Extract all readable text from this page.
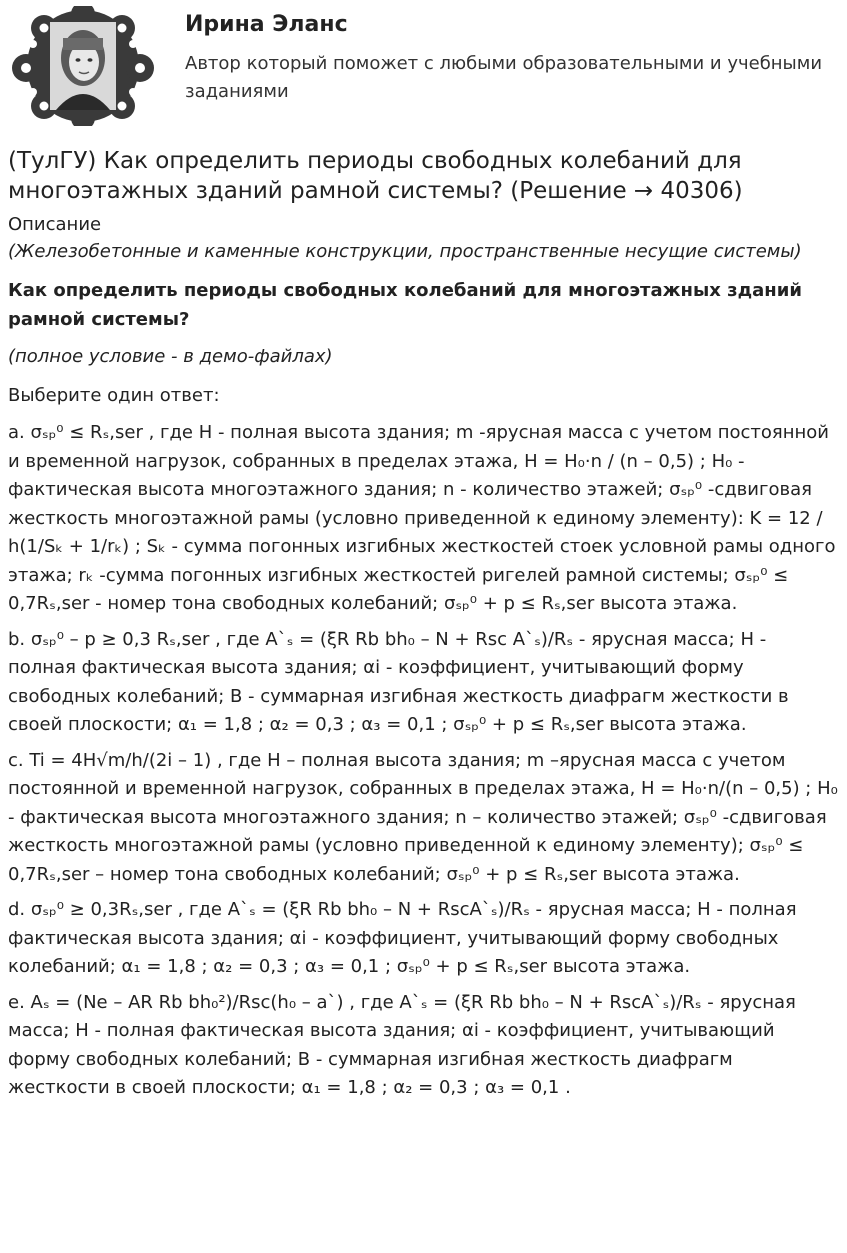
Ирина Эланс
Автор который поможет с любыми образовательными и учебными заданиями
(ТулГУ) Как определить периоды свободных колебаний для многоэтажных зданий рамной системы? (Решение → 40306)

Описание

(Железобетонные и каменные конструкции, пространственные несущие системы)

Как определить периоды свободных колебаний для многоэтажных зданий рамной системы?

(полное условие - в демо-файлах)

Выберите один ответ:

a. σₛₚ⁰ ≤ Rₛ,ser , где H - полная высота здания; m -ярусная масса с учетом постоянной и временной нагрузок, собранных в пределах этажа, H = H₀·n / (n – 0,5) ; H₀ - фактическая высота многоэтажного здания; n - количество этажей; σₛₚ⁰ -сдвиговая жесткость многоэтажной рамы (условно приведенной к единому элементу): K = 12 / h(1/Sₖ + 1/rₖ) ; Sₖ - сумма погонных изгибных жесткостей стоек условной рамы одного этажа; rₖ -сумма погонных изгибных жесткостей ригелей рамной системы; σₛₚ⁰ ≤ 0,7Rₛ,ser - номер тона свободных колебаний; σₛₚ⁰ + p ≤ Rₛ,ser высота этажа.

b. σₛₚ⁰ – p ≥ 0,3 Rₛ,ser , где A`ₛ = (ξR Rb bh₀ – N + Rsc A`ₛ)/Rₛ - ярусная масса; H - полная фактическая высота здания; αi - коэффициент, учитывающий форму свободных колебаний; B - суммарная изгибная жесткость диафрагм жесткости в своей плоскости; α₁ = 1,8 ; α₂ = 0,3 ; α₃ = 0,1 ; σₛₚ⁰ + p ≤ Rₛ,ser высота этажа.

c. Ti = 4H√m/h/(2i – 1) , где H – полная высота здания; m –ярусная масса с учетом постоянной и временной нагрузок, собранных в пределах этажа, H = H₀·n/(n – 0,5) ; H₀ - фактическая высота многоэтажного здания; n – количество этажей; σₛₚ⁰ -сдвиговая жесткость многоэтажной рамы (условно приведенной к единому элементу); σₛₚ⁰ ≤ 0,7Rₛ,ser – номер тона свободных колебаний; σₛₚ⁰ + p ≤ Rₛ,ser высота этажа.

d. σₛₚ⁰ ≥ 0,3Rₛ,ser , где A`ₛ = (ξR Rb bh₀ – N + RscA`ₛ)/Rₛ - ярусная масса; H - полная фактическая высота здания; αi - коэффициент, учитывающий форму свободных колебаний; α₁ = 1,8 ; α₂ = 0,3 ; α₃ = 0,1 ; σₛₚ⁰ + p ≤ Rₛ,ser высота этажа.

e. Aₛ = (Ne – AR Rb bh₀²)/Rsc(h₀ – a`) , где A`ₛ = (ξR Rb bh₀ – N + RscA`ₛ)/Rₛ - ярусная масса; H - полная фактическая высота здания; αi - коэффициент, учитывающий форму свободных колебаний; B - суммарная изгибная жесткость диафрагм жесткости в своей плоскости; α₁ = 1,8 ; α₂ = 0,3 ; α₃ = 0,1 .
